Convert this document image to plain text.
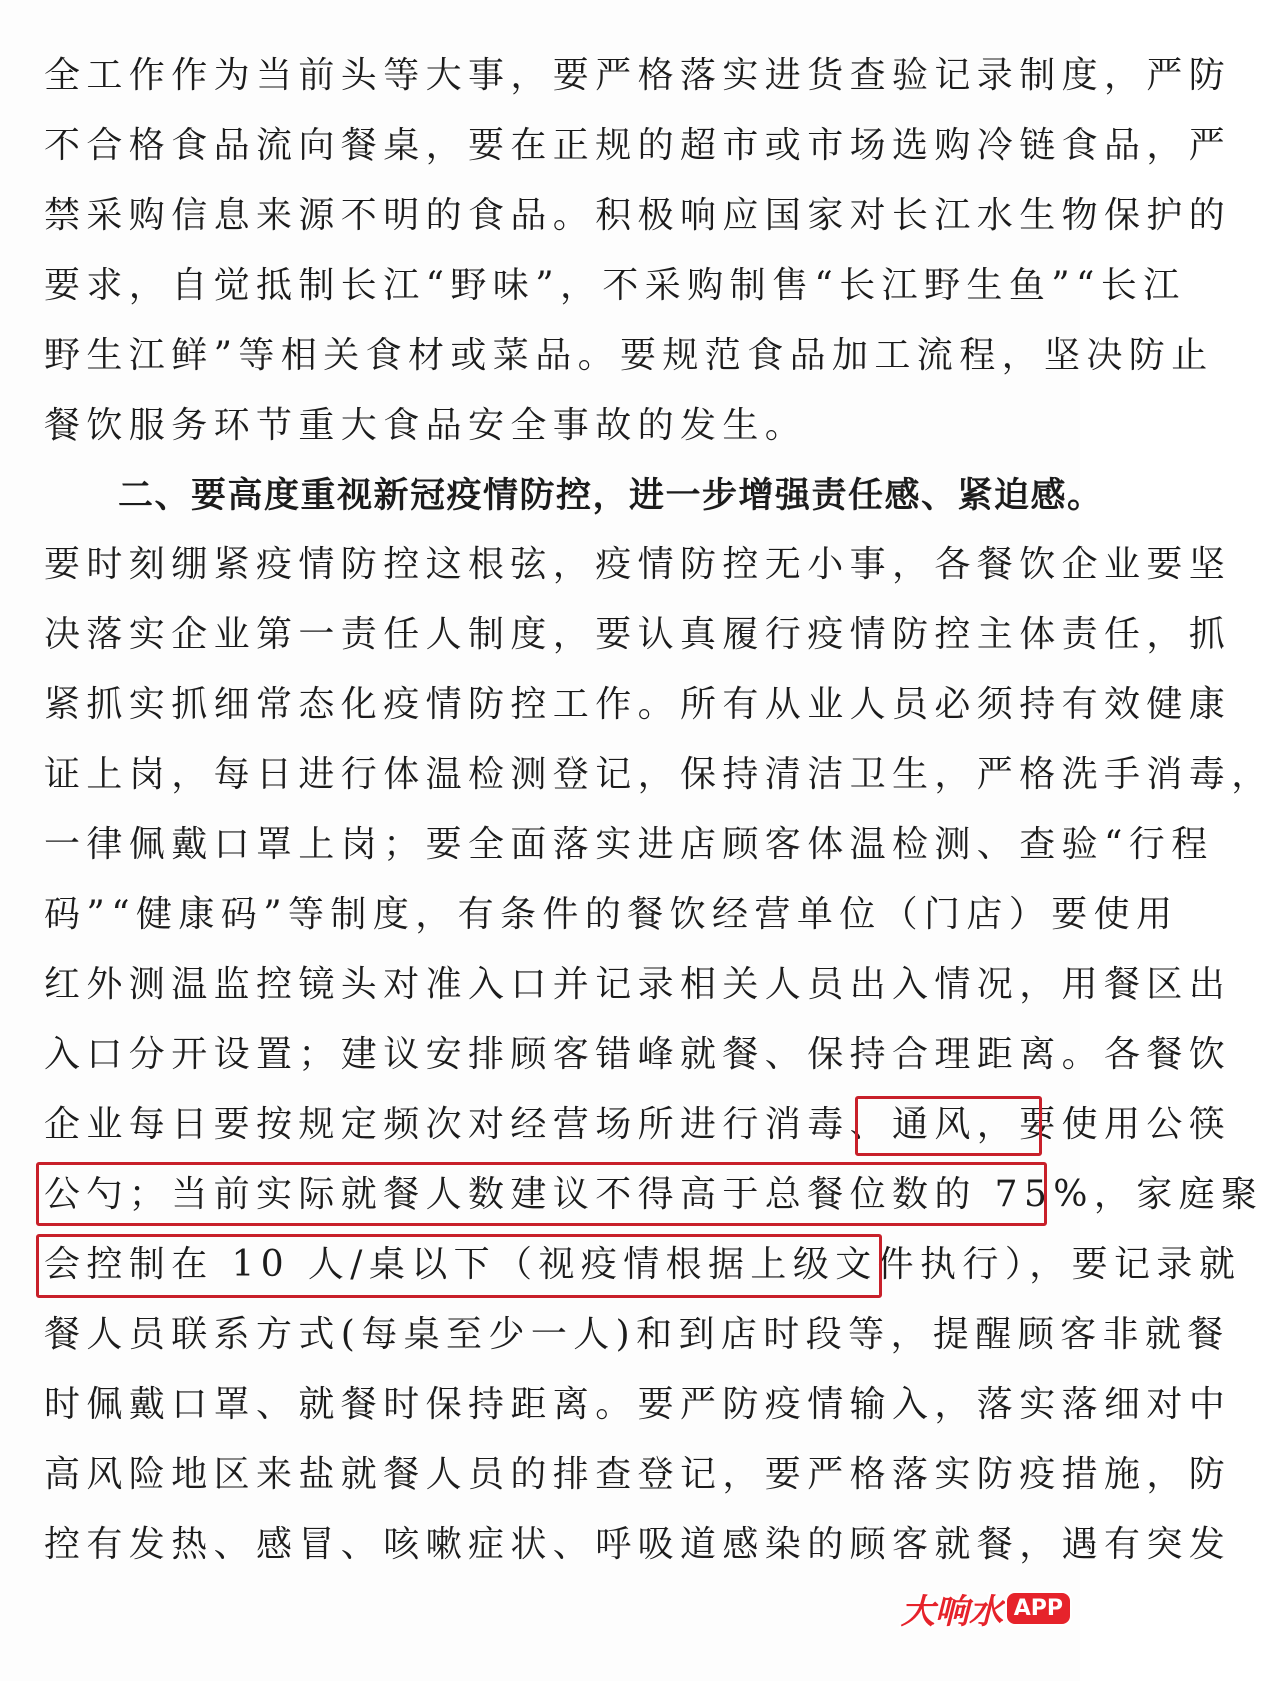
全工作作为当前头等大事，要严格落实进货查验记录制度，严防
不合格食品流向餐桌，要在正规的超市或市场选购冷链食品，严
禁采购信息来源不明的食品。积极响应国家对长江水生物保护的
要求，自觉抵制长江“野味”，不采购制售“长江野生鱼”“长江
野生江鲜”等相关食材或菜品。要规范食品加工流程，坚决防止
餐饮服务环节重大食品安全事故的发生。
二、要高度重视新冠疫情防控，进一步增强责任感、紧迫感。
要时刻绷紧疫情防控这根弦，疫情防控无小事，各餐饮企业要坚
决落实企业第一责任人制度，要认真履行疫情防控主体责任，抓
紧抓实抓细常态化疫情防控工作。所有从业人员必须持有效健康
证上岗，每日进行体温检测登记，保持清洁卫生，严格洗手消毒，
一律佩戴口罩上岗；要全面落实进店顾客体温检测、查验“行程
码”“健康码”等制度，有条件的餐饮经营单位（门店）要使用
红外测温监控镜头对准入口并记录相关人员出入情况，用餐区出
入口分开设置；建议安排顾客错峰就餐、保持合理距离。各餐饮
企业每日要按规定频次对经营场所进行消毒、通风，要使用公筷
公勺；当前实际就餐人数建议不得高于总餐位数的 75%，家庭聚
会控制在 10 人/桌以下（视疫情根据上级文件执行），要记录就
餐人员联系方式(每桌至少一人)和到店时段等，提醒顾客非就餐
时佩戴口罩、就餐时保持距离。要严防疫情输入，落实落细对中
高风险地区来盐就餐人员的排查登记，要严格落实防疫措施，防
控有发热、感冒、咳嗽症状、呼吸道感染的顾客就餐，遇有突发
大响水 APP
